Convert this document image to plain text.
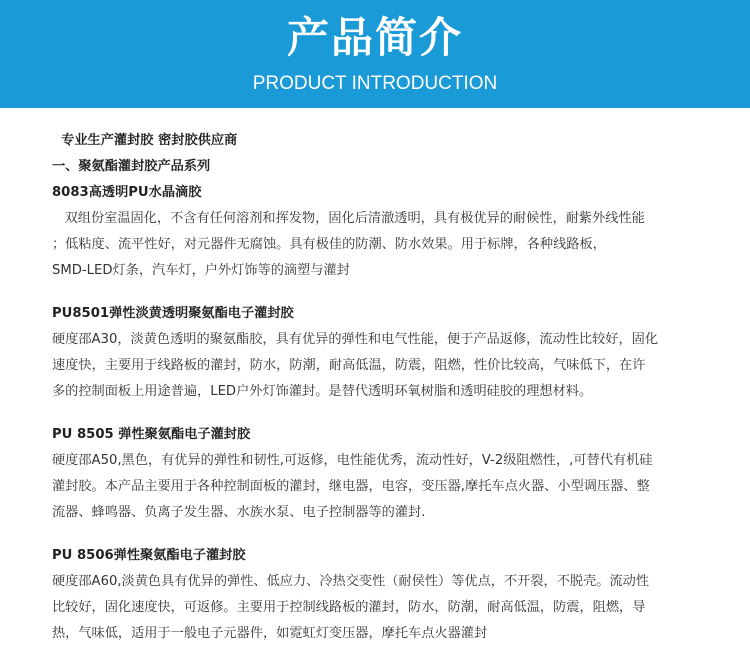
产品简介
PRODUCT INTRODUCTION
专业生产灌封胶 密封胶供应商
一、聚氨酯灌封胶产品系列
8083高透明PU水晶滴胶
双组份室温固化，不含有任何溶剂和挥发物，固化后清澈透明，具有极优异的耐候性，耐紫外线性能
；低粘度、流平性好，对元器件无腐蚀。具有极佳的防潮、防水效果。用于标牌，各种线路板，
SMD-LED灯条，汽车灯，户外灯饰等的滴塑与灌封
PU8501弹性淡黄透明聚氨酯电子灌封胶
硬度邵A30，淡黄色透明的聚氨酯胶，具有优异的弹性和电气性能，便于产品返修，流动性比较好，固化
速度快，主要用于线路板的灌封，防水，防潮，耐高低温，防震，阻燃，性价比较高，气味低下，在许
多的控制面板上用途普遍，LED户外灯饰灌封。是替代透明环氧树脂和透明硅胶的理想材料。
PU 8505 弹性聚氨酯电子灌封胶
硬度邵A50,黑色，有优异的弹性和韧性,可返修，电性能优秀，流动性好，V-2级阻燃性，,可替代有机硅
灌封胶。本产品主要用于各种控制面板的灌封，继电器，电容，变压器,摩托车点火器、小型调压器、整
流器、蜂鸣器、负离子发生器、水族水泵、电子控制器等的灌封.
PU 8506弹性聚氨酯电子灌封胶
硬度邵A60,淡黄色具有优异的弹性、低应力、冷热交变性（耐侯性）等优点，不开裂，不脱壳。流动性
比较好，固化速度快，可返修。主要用于控制线路板的灌封，防水，防潮，耐高低温，防震，阻燃，导
热，气味低，适用于一般电子元器件，如霓虹灯变压器，摩托车点火器灌封
